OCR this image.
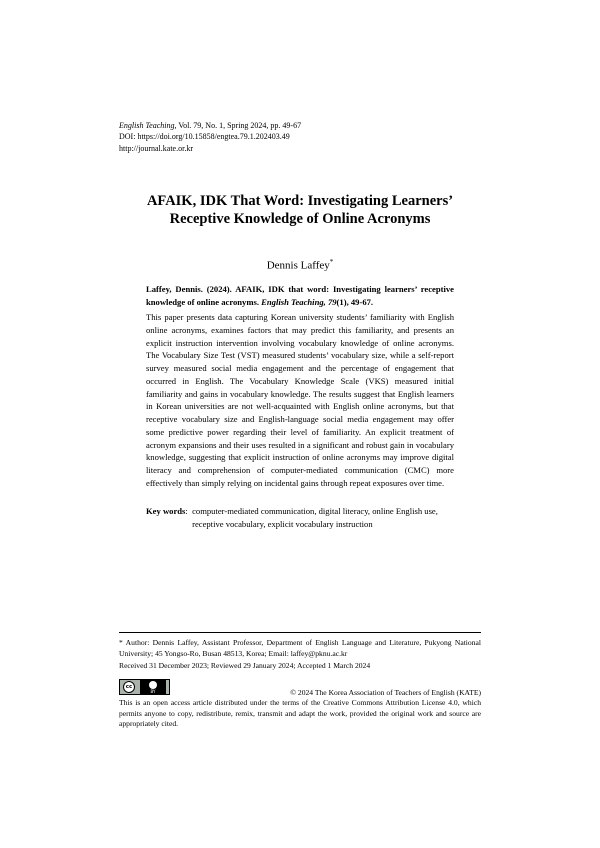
English Teaching, Vol. 79, No. 1, Spring 2024, pp. 49-67
DOI: https://doi.org/10.15858/engtea.79.1.202403.49
http://journal.kate.or.kr
AFAIK, IDK That Word: Investigating Learners’
Receptive Knowledge of Online Acronyms
Dennis Laffey*
Laffey, Dennis. (2024). AFAIK, IDK that word: Investigating learners’ receptive knowledge of online acronyms. English Teaching, 79(1), 49-67.
This paper presents data capturing Korean university students’ familiarity with English online acronyms, examines factors that may predict this familiarity, and presents an explicit instruction intervention involving vocabulary knowledge of online acronyms. The Vocabulary Size Test (VST) measured students’ vocabulary size, while a self-report survey measured social media engagement and the percentage of engagement that occurred in English. The Vocabulary Knowledge Scale (VKS) measured initial familiarity and gains in vocabulary knowledge. The results suggest that English learners in Korean universities are not well-acquainted with English online acronyms, but that receptive vocabulary size and English-language social media engagement may offer some predictive power regarding their level of familiarity. An explicit treatment of acronym expansions and their uses resulted in a significant and robust gain in vocabulary knowledge, suggesting that explicit instruction of online acronyms may improve digital literacy and comprehension of computer-mediated communication (CMC) more effectively than simply relying on incidental gains through repeat exposures over time.
Key words :
computer-mediated communication, digital literacy, online English use, receptive vocabulary, explicit vocabulary instruction
* Author: Dennis Laffey, Assistant Professor, Department of English Language and Literature, Pukyong National University; 45 Yongso-Ro, Busan 48513, Korea; Email: laffey@pknu.ac.kr
Received 31 December 2023; Reviewed 29 January 2024; Accepted 1 March 2024
cc
BY	© 2024 The Korea Association of Teachers of English (KATE)
This is an open access article distributed under the terms of the Creative Commons Attribution License 4.0, which permits anyone to copy, redistribute, remix, transmit and adapt the work, provided the original work and source are appropriately cited.
